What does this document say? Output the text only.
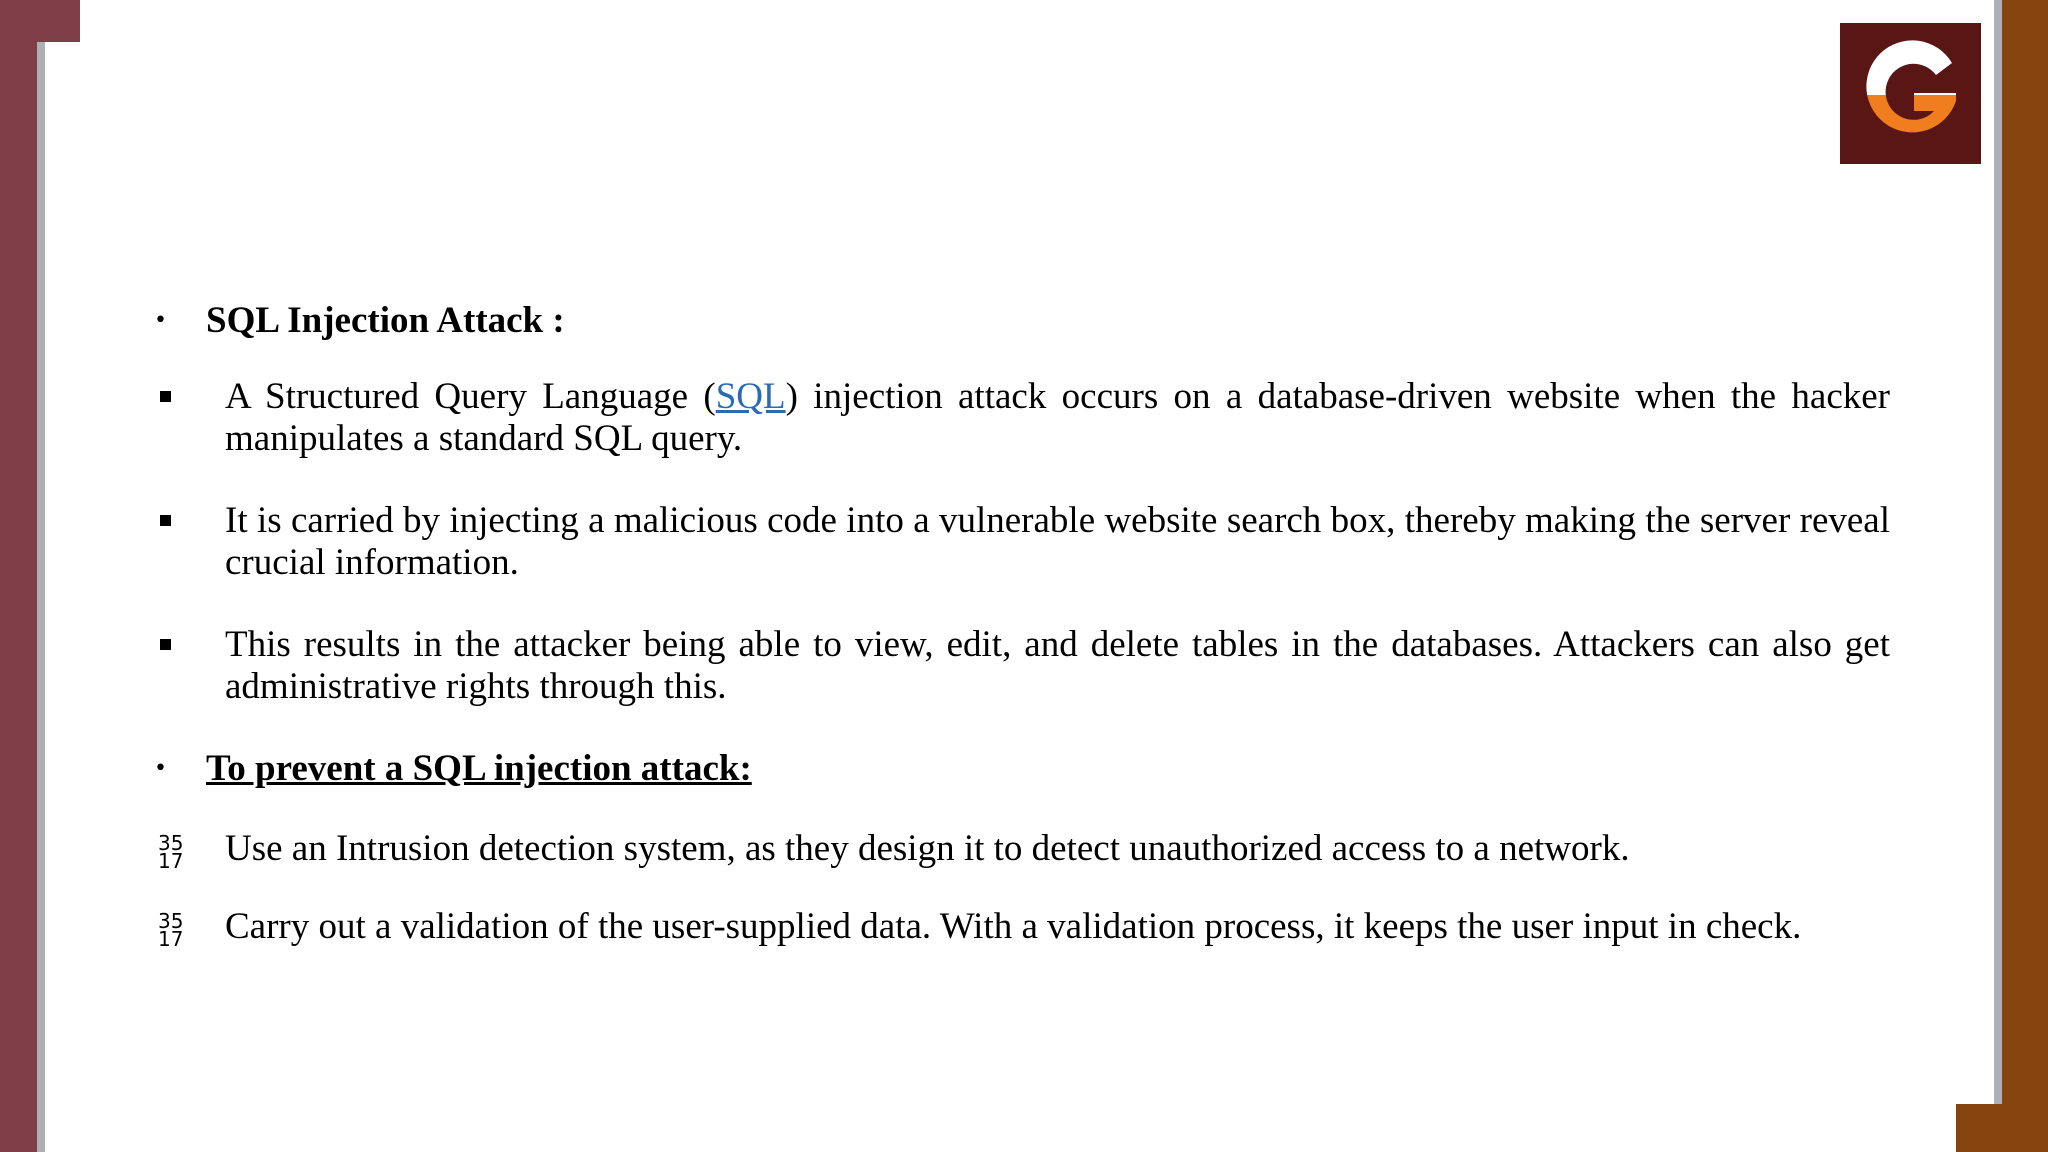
•	SQL Injection Attack :
A Structured Query Language (SQL) injection attack occurs on a database-driven website when the hacker manipulates a standard SQL query.
It is carried by injecting a malicious code into a vulnerable website search box, thereby making the server reveal crucial information.
This results in the attacker being able to view, edit, and delete tables in the databases. Attackers can also get administrative rights through this.
•	To prevent a SQL injection attack:
35
17	Use an Intrusion detection system, as they design it to detect unauthorized access to a network.
35
17	Carry out a validation of the user-supplied data. With a validation process, it keeps the user input in check.
